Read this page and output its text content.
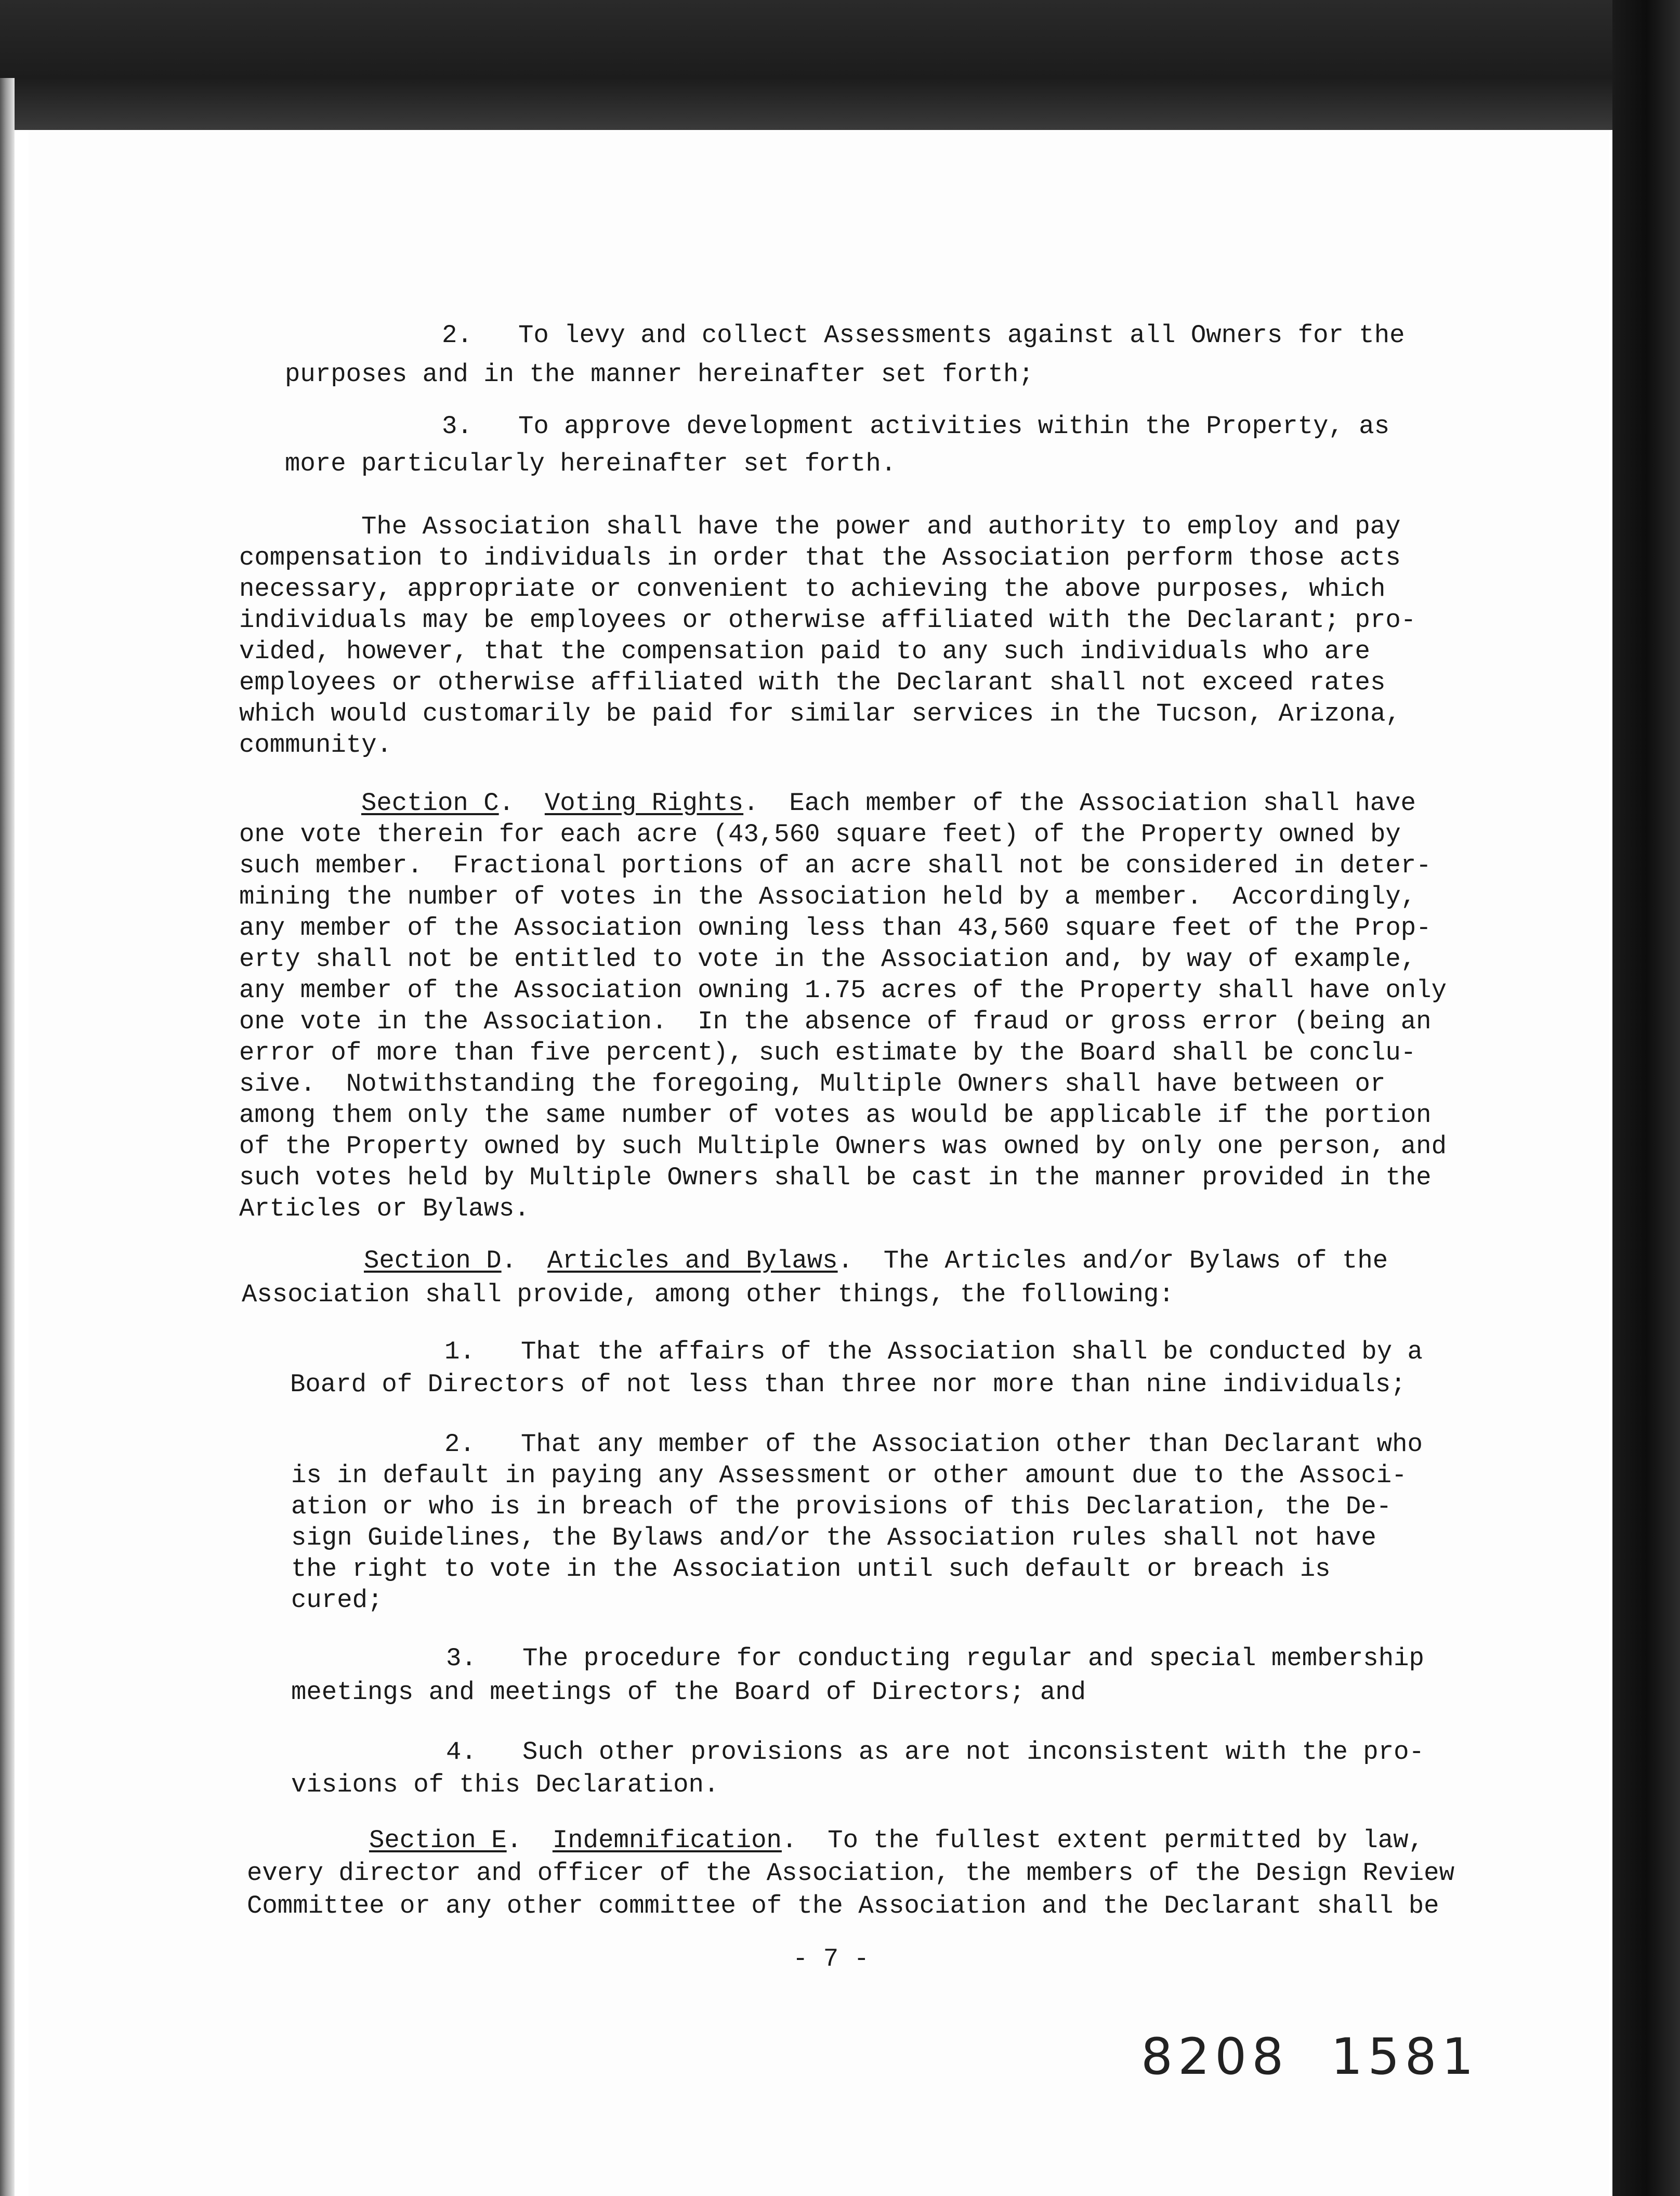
2.   To levy and collect Assessments against all Owners for the

purposes and in the manner hereinafter set forth;

3.   To approve development activities within the Property, as

more particularly hereinafter set forth.

The Association shall have the power and authority to employ and pay

compensation to individuals in order that the Association perform those acts

necessary, appropriate or convenient to achieving the above purposes, which

individuals may be employees or otherwise affiliated with the Declarant; pro-

vided, however, that the compensation paid to any such individuals who are

employees or otherwise affiliated with the Declarant shall not exceed rates

which would customarily be paid for similar services in the Tucson, Arizona,

community.

Section C.  Voting Rights.  Each member of the Association shall have

one vote therein for each acre (43,560 square feet) of the Property owned by

such member.  Fractional portions of an acre shall not be considered in deter-

mining the number of votes in the Association held by a member.  Accordingly,

any member of the Association owning less than 43,560 square feet of the Prop-

erty shall not be entitled to vote in the Association and, by way of example,

any member of the Association owning 1.75 acres of the Property shall have only

one vote in the Association.  In the absence of fraud or gross error (being an

error of more than five percent), such estimate by the Board shall be conclu-

sive.  Notwithstanding the foregoing, Multiple Owners shall have between or

among them only the same number of votes as would be applicable if the portion

of the Property owned by such Multiple Owners was owned by only one person, and

such votes held by Multiple Owners shall be cast in the manner provided in the

Articles or Bylaws.

Section D.  Articles and Bylaws.  The Articles and/or Bylaws of the

Association shall provide, among other things, the following:

1.   That the affairs of the Association shall be conducted by a

Board of Directors of not less than three nor more than nine individuals;

2.   That any member of the Association other than Declarant who

is in default in paying any Assessment or other amount due to the Associ-

ation or who is in breach of the provisions of this Declaration, the De-

sign Guidelines, the Bylaws and/or the Association rules shall not have

the right to vote in the Association until such default or breach is

cured;

3.   The procedure for conducting regular and special membership

meetings and meetings of the Board of Directors; and

4.   Such other provisions as are not inconsistent with the pro-

visions of this Declaration.

Section E.  Indemnification.  To the fullest extent permitted by law,

every director and officer of the Association, the members of the Design Review

Committee or any other committee of the Association and the Declarant shall be

- 7 -
8208  1581
